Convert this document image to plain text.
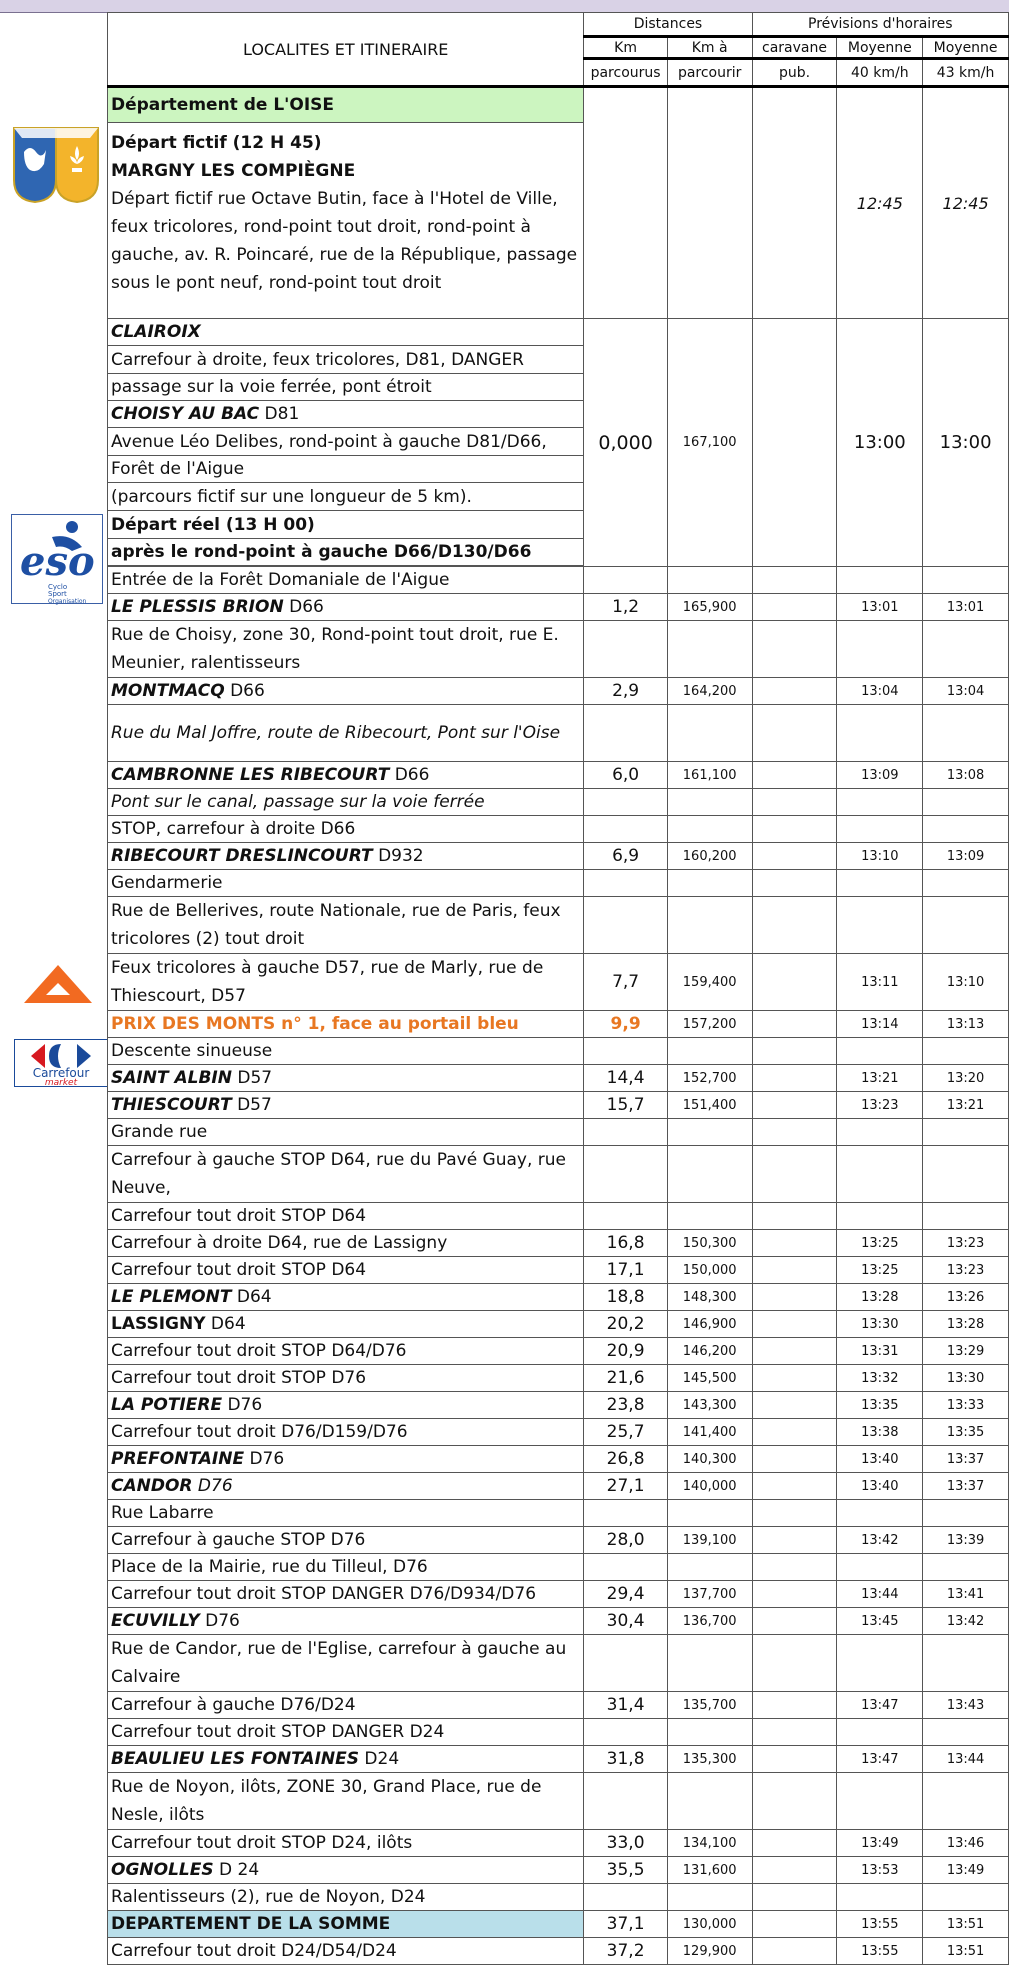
eso
Cyclo
Sport
Organisation
Carrefour
market
LOCALITES ET ITINERAIRE	Distances		Prévisions d'horaires		
	Km	Km à	caravane	Moyenne	Moyenne
	parcourus	parcourir	pub.	40 km/h	43 km/h
Département de L'OISE				12:45	12:45

Départ fictif (12 H 45)
MARGNY LES COMPIÈGNE
Départ fictif rue Octave Butin, face à l'Hotel de Ville, feux tricolores, rond-point tout droit, rond-point à gauche, av. R. Poincaré, rue de la République, passage sous le pont neuf, rond-point tout droit					

CLAIROIX	0,000	167,100		13:00	13:00
Carrefour à droite, feux tricolores, D81, DANGER					
passage sur la voie ferrée, pont étroit					
CHOISY AU BAC D81					
Avenue Léo Delibes, rond-point à gauche D81/D66,					
Forêt de l'Aigue					
(parcours fictif sur une longueur de 5 km).					
Départ réel (13 H 00)					
après le rond-point à gauche D66/D130/D66					

Entrée de la Forêt Domaniale de l'Aigue					
LE PLESSIS BRION D66	1,2	165,900		13:01	13:01
Rue de Choisy, zone 30, Rond-point tout droit, rue E. Meunier, ralentisseurs					
MONTMACQ D66	2,9	164,200		13:04	13:04
Rue du Mal Joffre, route de Ribecourt, Pont sur l'Oise					
CAMBRONNE LES RIBECOURT D66	6,0	161,100		13:09	13:08
Pont sur le canal, passage sur la voie ferrée					
STOP, carrefour à droite D66					
RIBECOURT DRESLINCOURT D932	6,9	160,200		13:10	13:09
Gendarmerie					
Rue de Bellerives, route Nationale, rue de Paris, feux tricolores (2) tout droit					
Feux tricolores à gauche D57, rue de Marly, rue de Thiescourt, D57	7,7	159,400		13:11	13:10
PRIX DES MONTS n° 1, face au portail bleu	9,9	157,200		13:14	13:13
Descente sinueuse					
SAINT ALBIN D57	14,4	152,700		13:21	13:20
THIESCOURT D57	15,7	151,400		13:23	13:21
Grande rue					
Carrefour à gauche STOP D64, rue du Pavé Guay, rue Neuve,					
Carrefour tout droit STOP D64					
Carrefour à droite D64, rue de Lassigny	16,8	150,300		13:25	13:23
Carrefour tout droit STOP D64	17,1	150,000		13:25	13:23
LE PLEMONT D64	18,8	148,300		13:28	13:26
LASSIGNY D64	20,2	146,900		13:30	13:28
Carrefour tout droit STOP D64/D76	20,9	146,200		13:31	13:29
Carrefour tout droit STOP D76	21,6	145,500		13:32	13:30
LA POTIERE D76	23,8	143,300		13:35	13:33
Carrefour tout droit D76/D159/D76	25,7	141,400		13:38	13:35
PREFONTAINE D76	26,8	140,300		13:40	13:37
CANDOR D76	27,1	140,000		13:40	13:37
Rue Labarre					
Carrefour à gauche STOP D76	28,0	139,100		13:42	13:39
Place de la Mairie, rue du Tilleul, D76					
Carrefour tout droit STOP DANGER D76/D934/D76	29,4	137,700		13:44	13:41
ECUVILLY D76	30,4	136,700		13:45	13:42
Rue de Candor, rue de l'Eglise, carrefour à gauche au Calvaire					
Carrefour à gauche D76/D24	31,4	135,700		13:47	13:43
Carrefour tout droit STOP DANGER D24					
BEAULIEU LES FONTAINES D24	31,8	135,300		13:47	13:44
Rue de Noyon, ilôts, ZONE 30, Grand Place, rue de Nesle, ilôts					
Carrefour tout droit STOP D24, ilôts	33,0	134,100		13:49	13:46
OGNOLLES D 24	35,5	131,600		13:53	13:49
Ralentisseurs (2), rue de Noyon, D24					
DEPARTEMENT DE LA SOMME	37,1	130,000		13:55	13:51
Carrefour tout droit D24/D54/D24	37,2	129,900		13:55	13:51
